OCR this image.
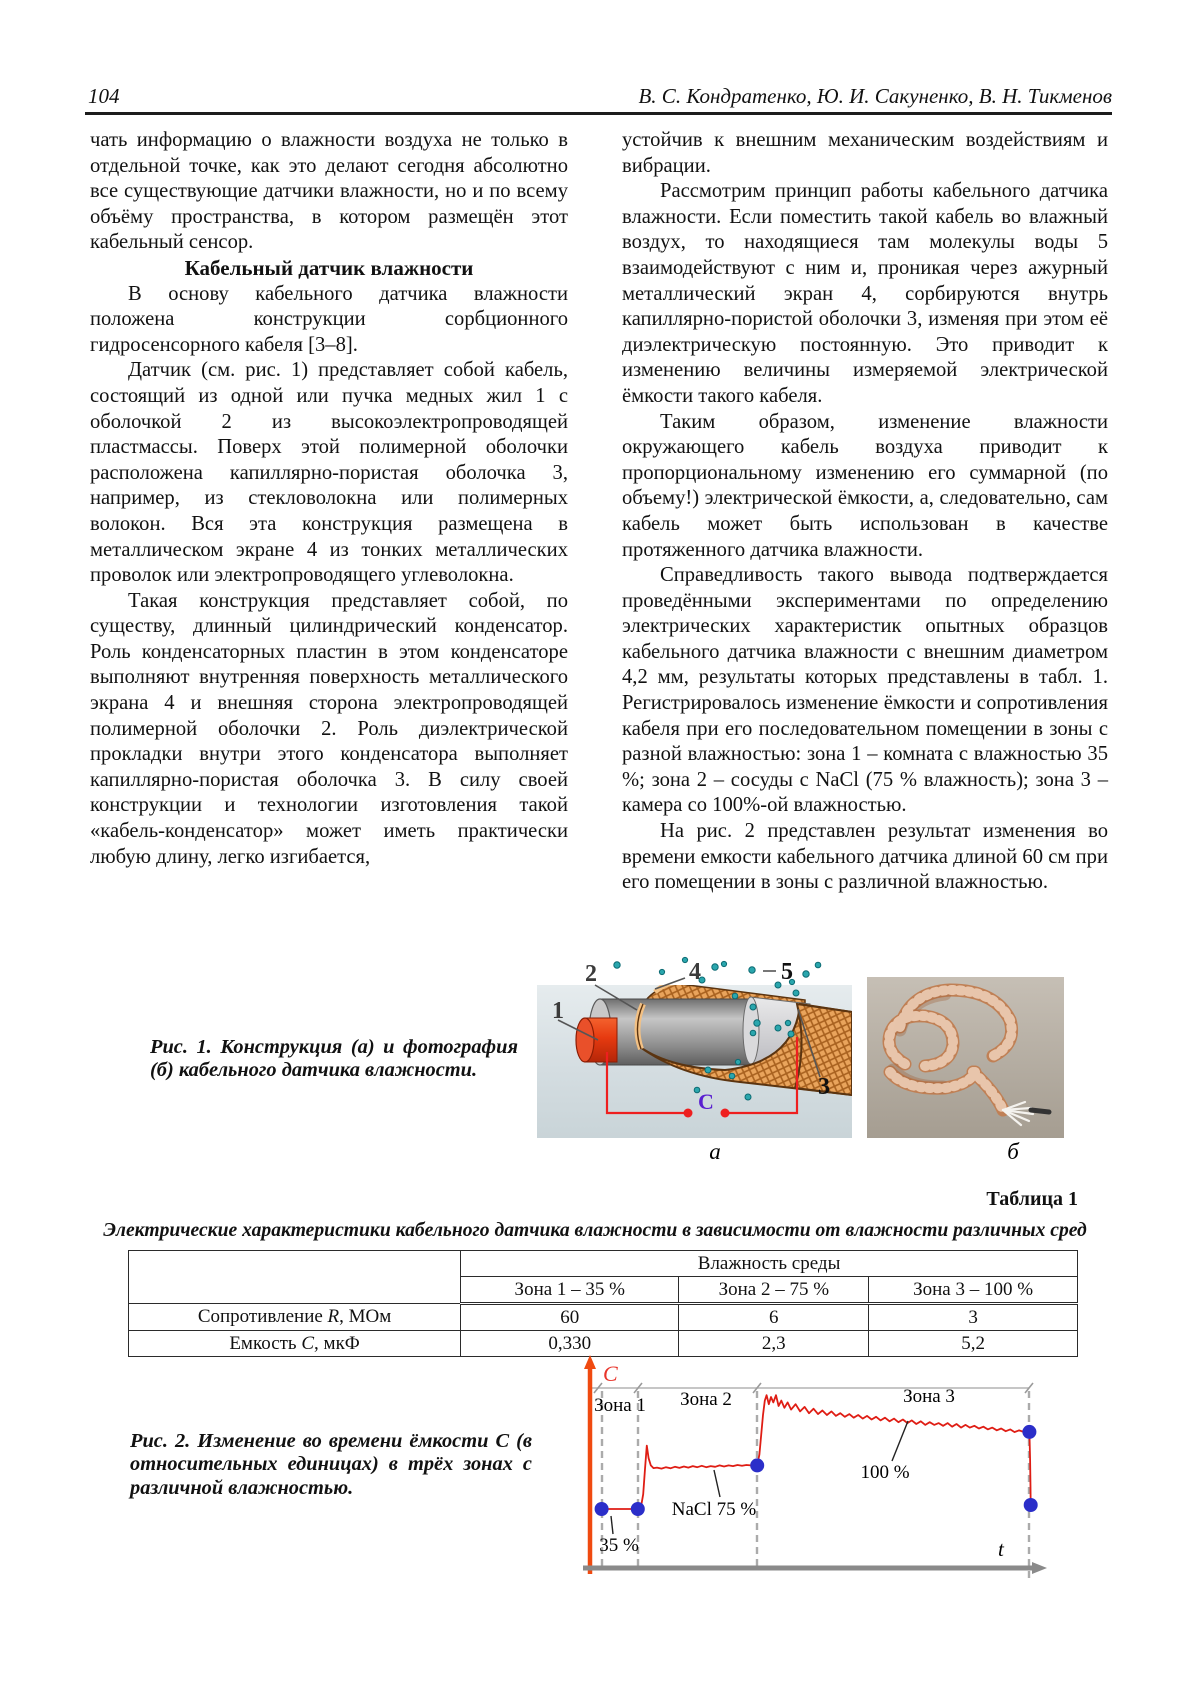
104	В. С. Кондратенко, Ю. И. Сакуненко, В. Н. Тикменов

чать информацию о влажности воздуха не только в отдельной точке, как это делают сегодня абсолютно все существующие датчики влажности, но и по всему объёму пространства, в котором размещён этот кабельный сенсор.

Кабельный датчик влажности

В основу кабельного датчика влажности положена конструкции сорбционного гидросенсорного кабеля [3–8].

Датчик (см. рис. 1) представляет собой кабель, состоящий из одной или пучка медных жил 1 с оболочкой 2 из высокоэлектропроводящей пластмассы. Поверх этой полимерной оболочки расположена капиллярно-пористая оболочка 3, например, из стекловолокна или полимерных волокон. Вся эта конструкция размещена в металлическом экране 4 из тонких металлических проволок или электропроводящего углеволокна.

Такая конструкция представляет собой, по существу, длинный цилиндрический конденсатор. Роль конденсаторных пластин в этом конденсаторе выполняют внутренняя поверхность металлического экрана 4 и внешняя сторона электропроводящей полимерной оболочки 2. Роль диэлектрической прокладки внутри этого конденсатора выполняет капиллярно-пористая оболочка 3. В силу своей конструкции и технологии изготовления такой «кабель-конденсатор» может иметь практически любую длину, легко изгибается,

устойчив к внешним механическим воздействиям и вибрации.

Рассмотрим принцип работы кабельного датчика влажности. Если поместить такой кабель во влажный воздух, то находящиеся там молекулы воды 5 взаимодействуют с ним и, проникая через ажурный металлический экран 4, сорбируются внутрь капиллярно-пористой оболочки 3, изменяя при этом её диэлектрическую постоянную. Это приводит к изменению величины измеряемой электрической ёмкости такого кабеля.

Таким образом, изменение влажности окружающего кабель воздуха приводит к пропорциональному изменению его суммарной (по объему!) электрической ёмкости, а, следовательно, сам кабель может быть использован в качестве протяженного датчика влажности.

Справедливость такого вывода подтверждается проведёнными экспериментами по определению электрических характеристик опытных образцов кабельного датчика влажности с внешним диаметром 4,2 мм, результаты которых представлены в табл. 1. Регистрировалось изменение ёмкости и сопротивления кабеля при его последовательном помещении в зоны с разной влажностью: зона 1 – комната с влажностью 35 %; зона 2 – сосуды с NaCl (75 % влажность); зона 3 – камера со 100%-ой влажностью.

На рис. 2 представлен результат изменения во времени емкости кабельного датчика длиной 60 см при его помещении в зоны с различной влажностью.

C
1
2
3
4	5
а	б
Рис. 1. Конструкция (а) и фотография (б) кабельного датчика влажности.
Таблица 1
Электрические характеристики кабельного датчика влажности в зависимости от влажности различных сред
	Влажность среды		
	Зона 1 – 35 %	Зона 2 – 75 %	Зона 3 – 100 %
Сопротивление R, МОм	60	6	3
Емкость С, мкФ	0,330	2,3	5,2
Зона 1 Зона 2	Зона 3
35 %
NaCl 75 %
100 %
C
t
Рис. 2. Изменение во времени ёмкости С (в относительных единицах) в трёх зонах с различной влажностью.
